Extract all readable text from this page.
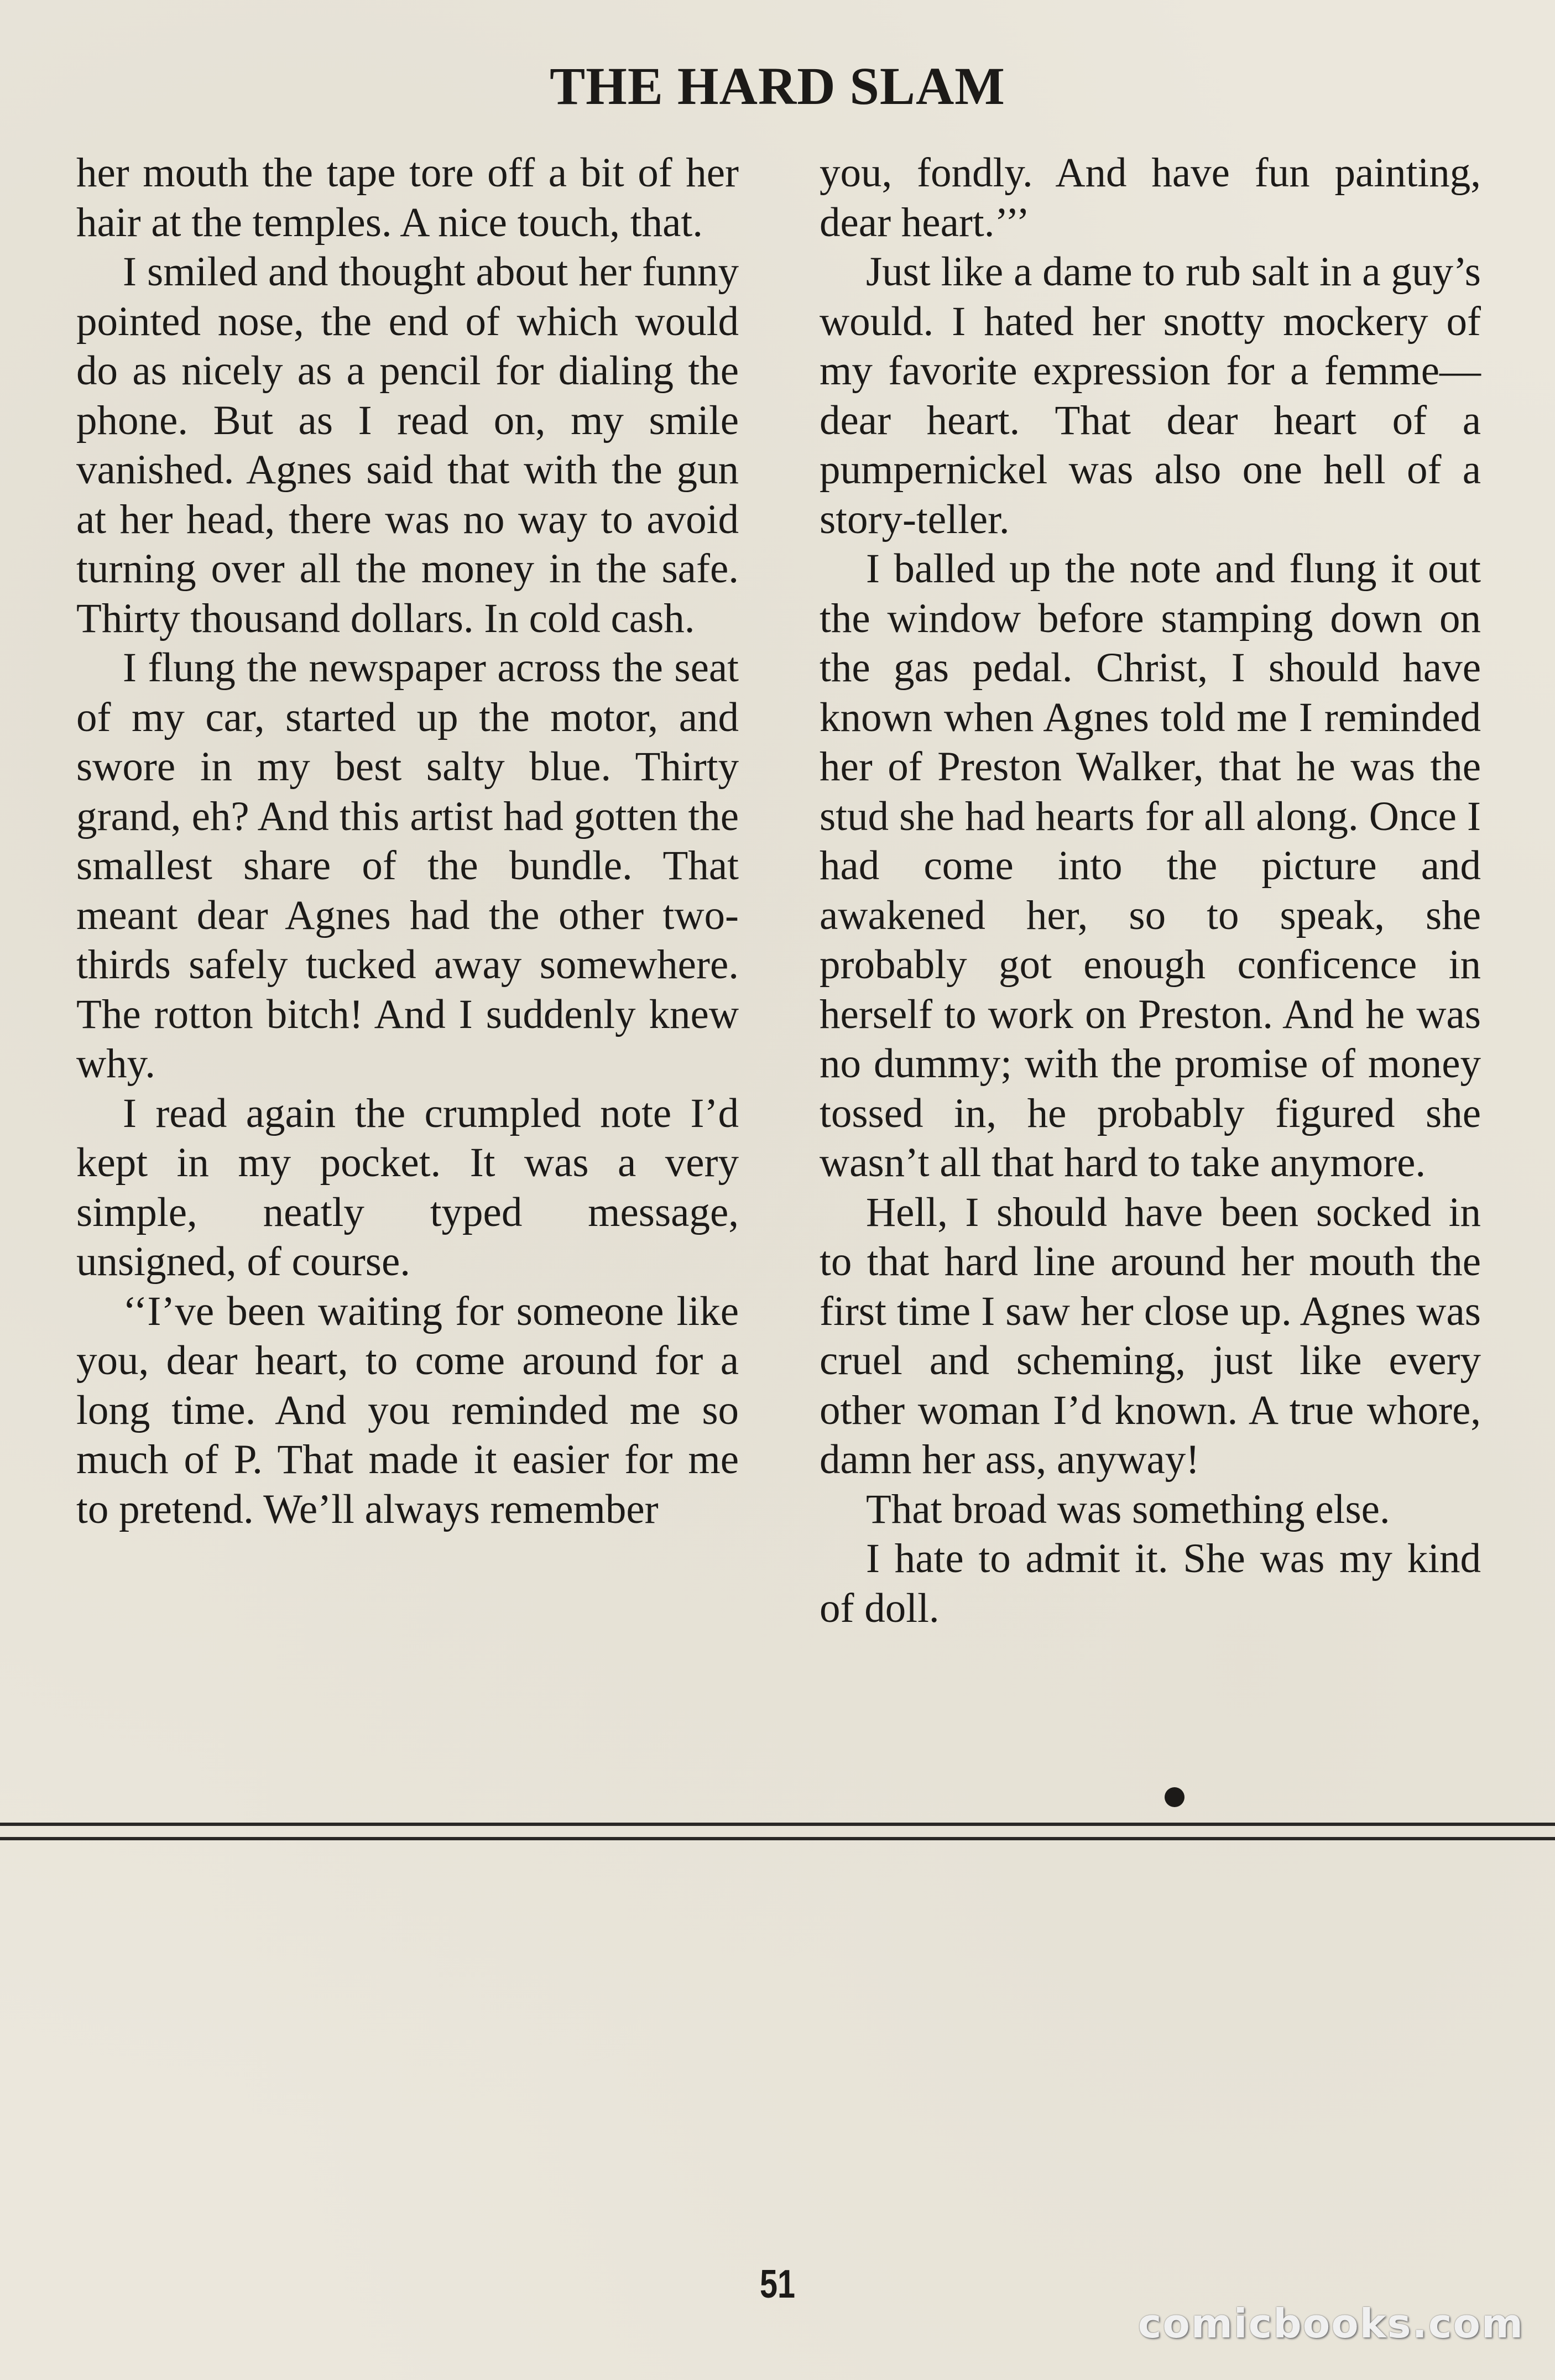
THE HARD SLAM

her mouth the tape tore off a bit of her hair at the temples. A nice touch, that.

I smiled and thought about her funny pointed nose, the end of which would do as nicely as a pencil for dialing the phone. But as I read on, my smile vanished. Agnes said that with the gun at her head, there was no way to avoid turning over all the money in the safe. Thirty thousand dollars. In cold cash.

I flung the newspaper across the seat of my car, started up the motor, and swore in my best salty blue. Thirty grand, eh? And this artist had gotten the smallest share of the bundle. That meant dear Agnes had the other two-thirds safely tucked away somewhere. The rotton bitch! And I suddenly knew why.

I read again the crumpled note I’d kept in my pocket. It was a very simple, neatly typed message, unsigned, of course.

‘‘I’ve been waiting for someone like you, dear heart, to come around for a long time. And you reminded me so much of P. That made it easier for me to pretend. We’ll always remember

you, fondly. And have fun painting, dear heart.’’’

Just like a dame to rub salt in a guy’s would. I hated her snotty mockery of my favorite expression for a femme—dear heart. That dear heart of a pumpernickel was also one hell of a story-teller.

I balled up the note and flung it out the window before stamping down on the gas pedal. Christ, I should have known when Agnes told me I reminded her of Preston Walker, that he was the stud she had hearts for all along. Once I had come into the picture and awakened her, so to speak, she probably got enough conficence in herself to work on Preston. And he was no dummy; with the promise of money tossed in, he probably figured she wasn’t all that hard to take anymore.

Hell, I should have been socked in to that hard line around her mouth the first time I saw her close up. Agnes was cruel and scheming, just like every other woman I’d known. A true whore, damn her ass, anyway!

That broad was something else.

I hate to admit it. She was my kind of doll.

51
comicbooks.com
